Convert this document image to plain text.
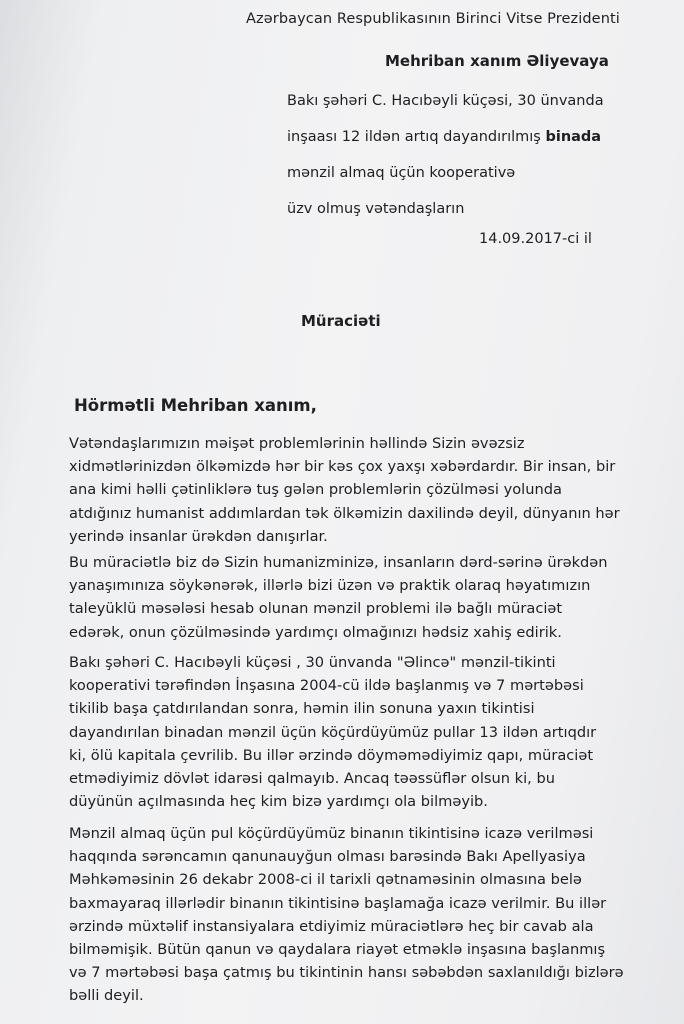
Azərbaycan Respublikasının Birinci Vitse Prezidenti
Mehriban xanım Əliyevaya
Bakı şəhəri C. Hacıbəyli küçəsi, 30 ünvanda
inşaası 12 ildən artıq dayandırılmış binada
mənzil almaq üçün kooperativə
üzv olmuş vətəndaşların
14.09.2017-ci il
Müraciəti
Hörmətli Mehriban xanım,
Vətəndaşlarımızın məişət problemlərinin həllində Sizin əvəzsiz
xidmətlərinizdən ölkəmizdə hər bir kəs çox yaxşı xəbərdardır. Bir insan, bir
ana kimi həlli çətinliklərə tuş gələn problemlərin çözülməsi yolunda
atdığınız humanist addımlardan tək ölkəmizin daxilində deyil, dünyanın hər
yerində insanlar ürəkdən danışırlar.
Bu müraciətlə biz də Sizin humanizminizə, insanların dərd-sərinə ürəkdən
yanaşımınıza söykənərək, illərlə bizi üzən və praktik olaraq həyatımızın
taleyüklü məsələsi hesab olunan mənzil problemi ilə bağlı müraciət
edərək, onun çözülməsində yardımçı olmağınızı hədsiz xahiş edirik.
Bakı şəhəri C. Hacıbəyli küçəsi , 30 ünvanda "Əlincə" mənzil-tikinti
kooperativi tərəfindən İnşasına 2004-cü ildə başlanmış və 7 mərtəbəsi
tikilib başa çatdırılandan sonra, həmin ilin sonuna yaxın tikintisi
dayandırılan binadan mənzil üçün köçürdüyümüz pullar 13 ildən artıqdır
ki, ölü kapitala çevrilib. Bu illər ərzində döyməmədiyimiz qapı, müraciət
etmədiyimiz dövlət idarəsi qalmayıb. Ancaq təəssüflər olsun ki, bu
düyünün açılmasında heç kim bizə yardımçı ola bilməyib.
Mənzil almaq üçün pul köçürdüyümüz binanın tikintisinə icazə verilməsi
haqqında sərəncamın qanunauyğun olması barəsində Bakı Apellyasiya
Məhkəməsinin 26 dekabr 2008-ci il tarixli qətnaməsinin olmasına belə
baxmayaraq illərlədir binanın tikintisinə başlamağa icazə verilmir. Bu illər
ərzində müxtəlif instansiyalara etdiyimiz müraciətlərə heç bir cavab ala
bilməmişik. Bütün qanun və qaydalara riayət etməklə inşasına başlanmış
və 7 mərtəbəsi başa çatmış bu tikintinin hansı səbəbdən saxlanıldığı bizlərə
bəlli deyil.
